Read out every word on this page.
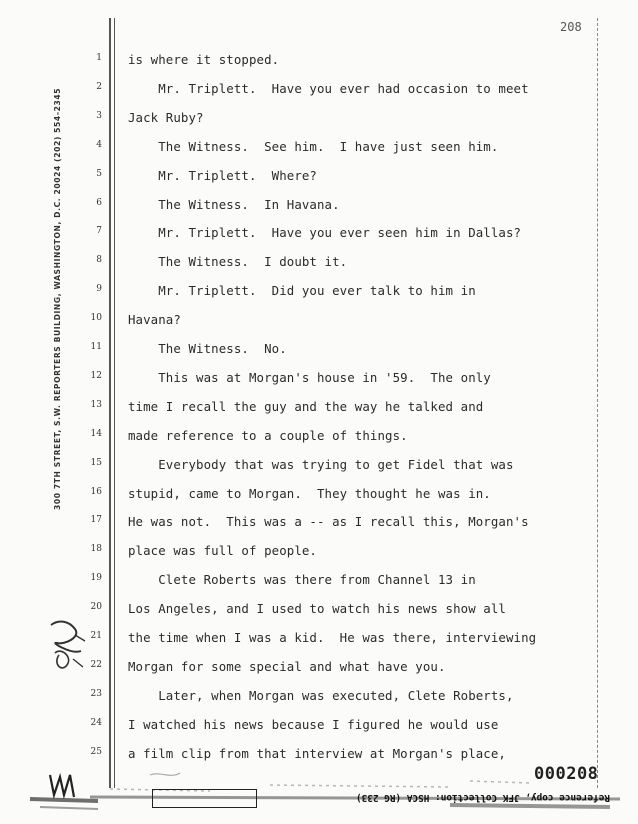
208
300 7TH STREET, S.W. REPORTERS BUILDING, WASHINGTON, D.C. 20024 (202) 554-2345
1 is where it stopped.
2 Mr. Triplett.  Have you ever had occasion to meet
3 Jack Ruby?
4 The Witness.  See him.  I have just seen him.
5 Mr. Triplett.  Where?
6 The Witness.  In Havana.
7 Mr. Triplett.  Have you ever seen him in Dallas?
8 The Witness.  I doubt it.
9 Mr. Triplett.  Did you ever talk to him in
10 Havana?
11 The Witness.  No.
12 This was at Morgan's house in '59.  The only
13 time I recall the guy and the way he talked and
14 made reference to a couple of things.
15 Everybody that was trying to get Fidel that was
16 stupid, came to Morgan.  They thought he was in.
17 He was not.  This was a -- as I recall this, Morgan's
18 place was full of people.
19 Clete Roberts was there from Channel 13 in
20 Los Angeles, and I used to watch his news show all
21 the time when I was a kid.  He was there, interviewing
22 Morgan for some special and what have you.
23 Later, when Morgan was executed, Clete Roberts,
24 I watched his news because I figured he would use
25 a film clip from that interview at Morgan's place,
000208
Reference copy, JFK Collection: HSCA (RG 233)
